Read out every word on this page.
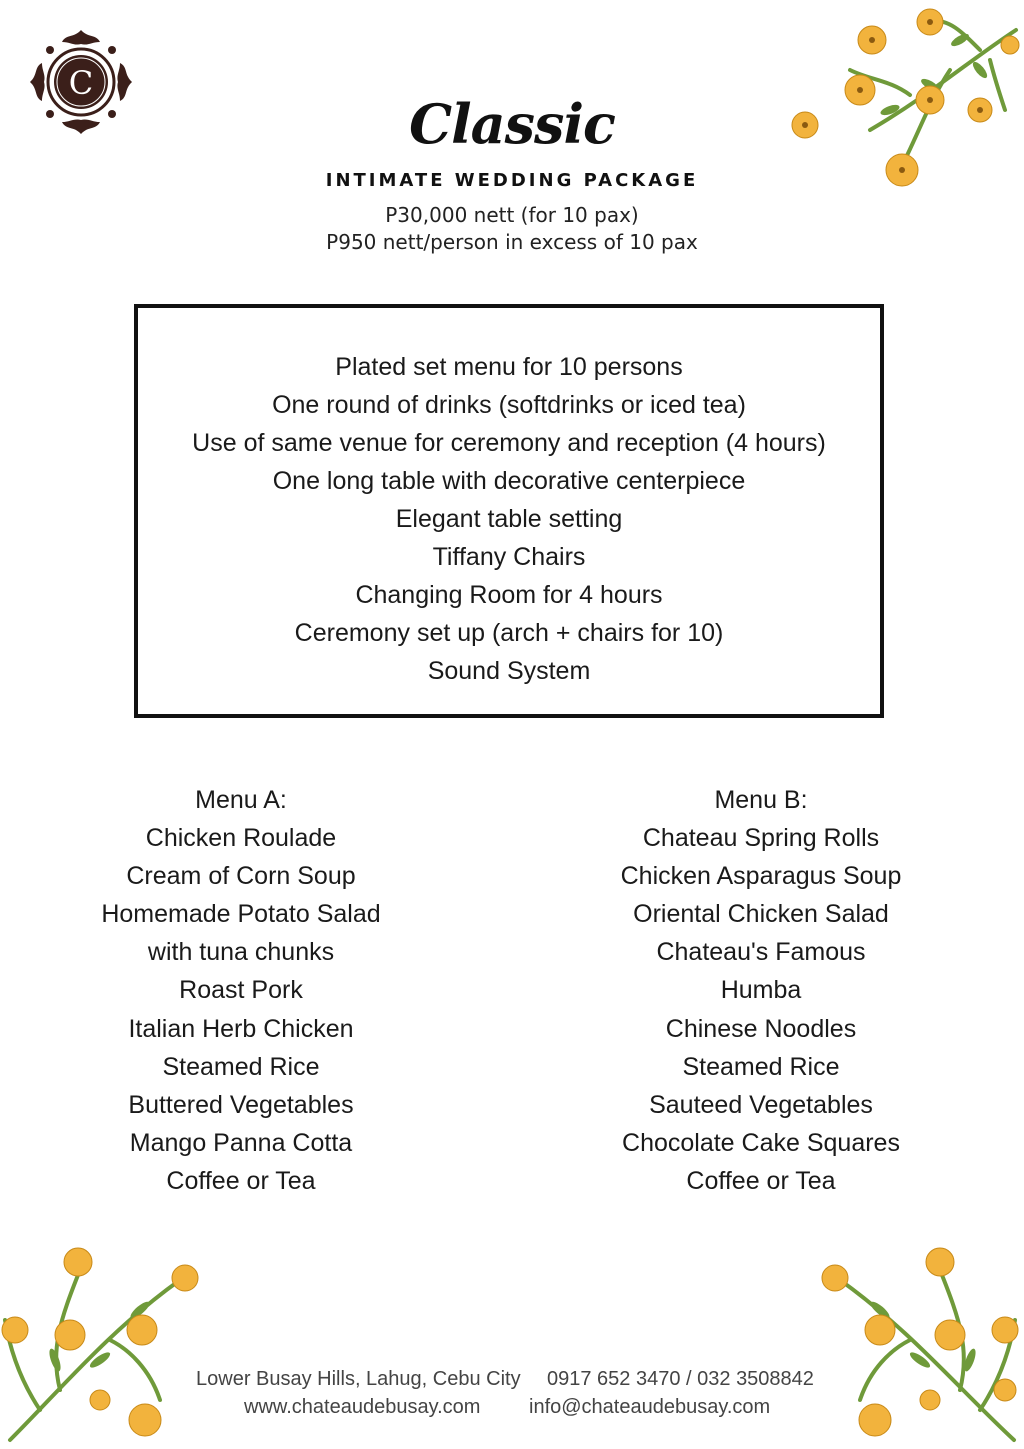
C
Classic
INTIMATE WEDDING PACKAGE
P30,000 nett (for 10 pax)
P950 nett/person in excess of 10 pax
Plated set menu for 10 persons
One round of drinks (softdrinks or iced tea)
Use of same venue for ceremony and reception (4 hours)
One long table with decorative centerpiece
Elegant table setting
Tiffany Chairs
Changing Room for 4 hours
Ceremony set up (arch + chairs for 10)
Sound System
Menu A:
Chicken Roulade
Cream of Corn Soup
Homemade Potato Salad
with tuna chunks
Roast Pork
Italian Herb Chicken
Steamed Rice
Buttered Vegetables
Mango Panna Cotta
Coffee or Tea
Menu B:
Chateau Spring Rolls
Chicken Asparagus Soup
Oriental Chicken Salad
Chateau's Famous
Humba
Chinese Noodles
Steamed Rice
Sauteed Vegetables
Chocolate Cake Squares
Coffee or Tea
Lower Busay Hills, Lahug, Cebu City 0917 652 3470 / 032 3508842
www.chateaudebusay.com info@chateaudebusay.com
